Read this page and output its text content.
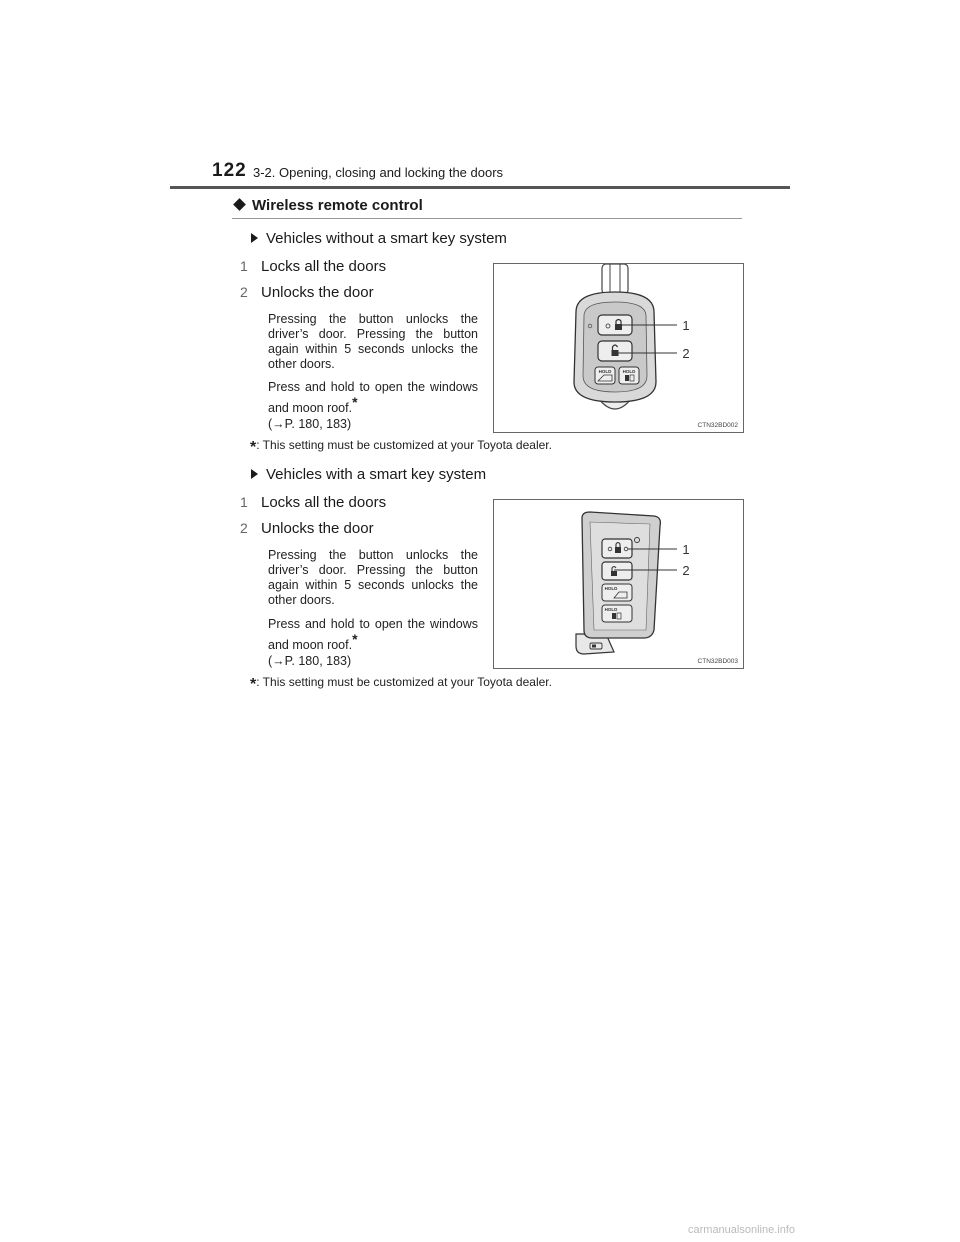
122 3-2. Opening, closing and locking the doors
Wireless remote control
Vehicles without a smart key system
1 Locks all the doors
2 Unlocks the door
Pressing the button unlocks the driver’s door. Pressing the button again within 5 seconds unlocks the other doors.
Press and hold to open the windows and moon roof.*
(→P. 180, 183)
HOLD	HOLD
1
2
CTN32BD002
*: This setting must be customized at your Toyota dealer.
Vehicles with a smart key system
1 Locks all the doors
2 Unlocks the door
Pressing the button unlocks the driver’s door. Pressing the button again within 5 seconds unlocks the other doors.
Press and hold to open the windows and moon roof.*
(→P. 180, 183)
HOLD
HOLD
1
2
CTN32BD003
*: This setting must be customized at your Toyota dealer.
carmanualsonline.info
